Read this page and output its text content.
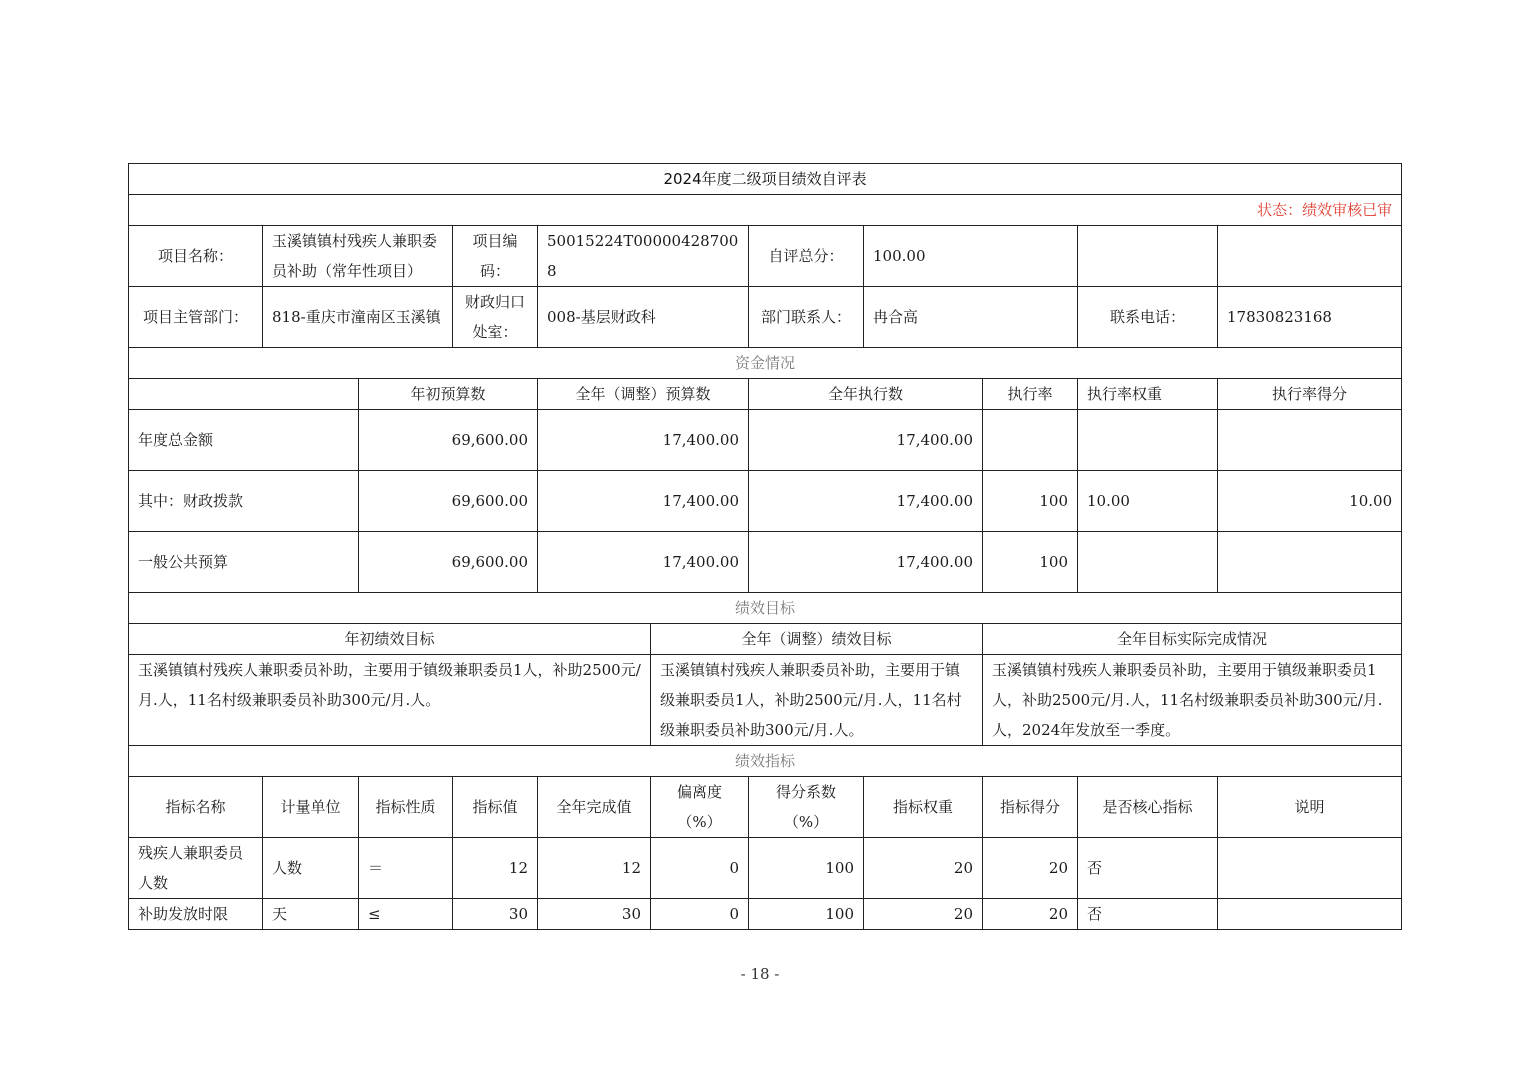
2024年度二级项目绩效自评表										
状态：绩效审核已审										
项目名称：	玉溪镇镇村残疾人兼职委员补助（常年性项目）		项目编码：	50015224T000004287008		自评总分：	100.00			
项目主管部门：	818-重庆市潼南区玉溪镇		财政归口处室：	008-基层财政科		部门联系人：	冉合高		联系电话：	17830823168
资金情况										
		年初预算数		全年（调整）预算数		全年执行数		执行率	执行率权重	执行率得分
年度总金额		69,600.00		17,400.00		17,400.00				
其中：财政拨款		69,600.00		17,400.00		17,400.00		100	10.00	10.00
一般公共预算		69,600.00		17,400.00		17,400.00		100		
绩效目标										
年初绩效目标					全年（调整）绩效目标			全年目标实际完成情况		
玉溪镇镇村残疾人兼职委员补助，主要用于镇级兼职委员1人，补助2500元/月.人，11名村级兼职委员补助300元/月.人。					玉溪镇镇村残疾人兼职委员补助，主要用于镇级兼职委员1人，补助2500元/月.人，11名村级兼职委员补助300元/月.人。			玉溪镇镇村残疾人兼职委员补助，主要用于镇级兼职委员1人，补助2500元/月.人，11名村级兼职委员补助300元/月.人，2024年发放至一季度。		
绩效指标										
指标名称	计量单位	指标性质	指标值	全年完成值	偏离度（%）	得分系数（%）	指标权重	指标得分	是否核心指标	说明
残疾人兼职委员人数	人数	＝	12	12	0	100	20	20	否	
补助发放时限	天	≤	30	30	0	100	20	20	否	
- 18 -
